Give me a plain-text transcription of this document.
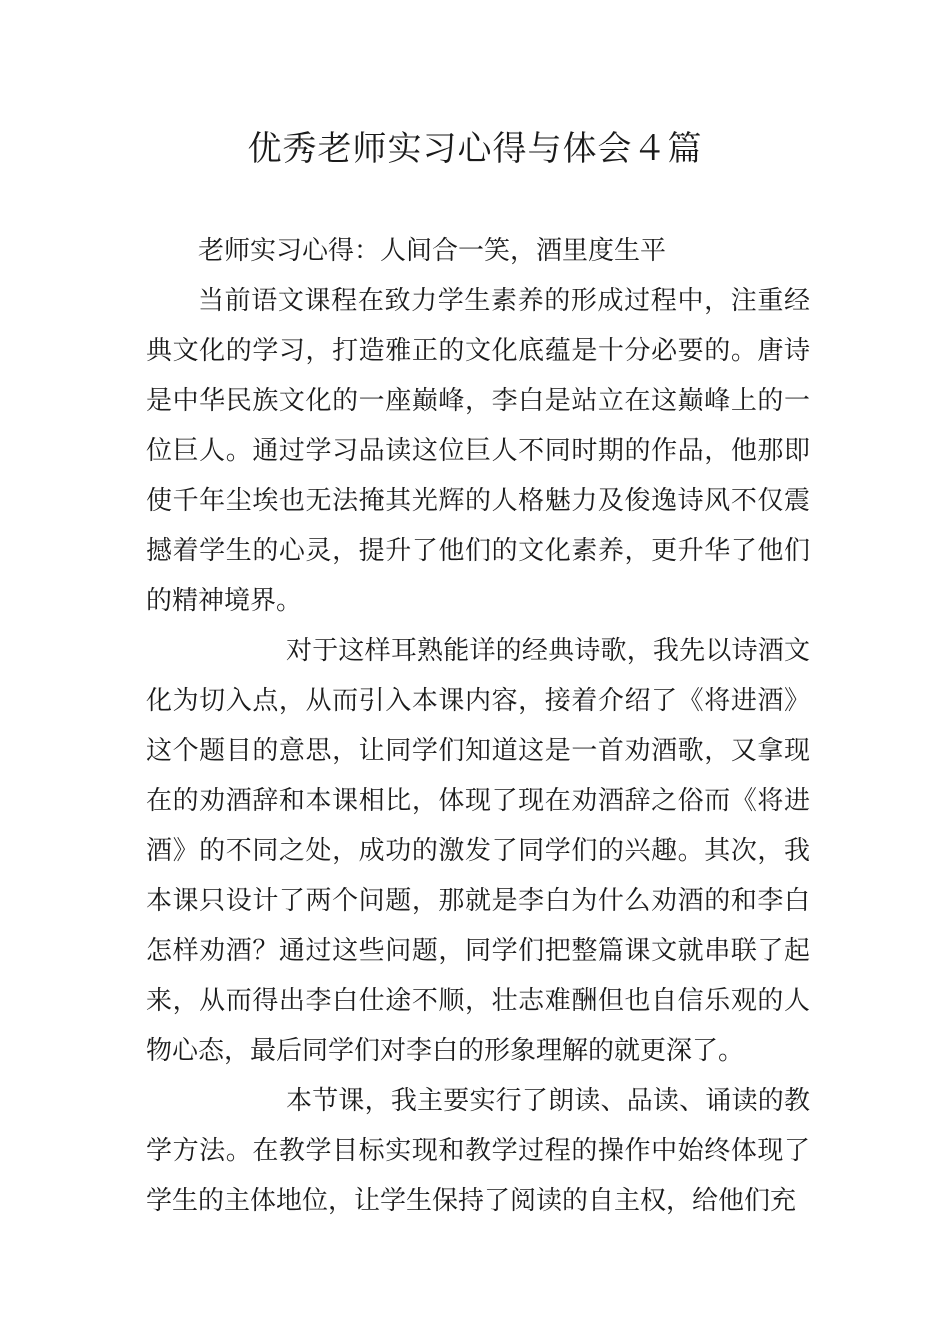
优秀老师实习心得与体会４篇

老师实习心得：人间合一笑，酒里度生平

当前语文课程在致力学生素养的形成过程中，注重经典文化的学习，打造雅正的文化底蕴是十分必要的。唐诗是中华民族文化的一座巅峰，李白是站立在这巅峰上的一位巨人。通过学习品读这位巨人不同时期的作品，他那即使千年尘埃也无法掩其光辉的人格魅力及俊逸诗风不仅震撼着学生的心灵，提升了他们的文化素养，更升华了他们的精神境界。

对于这样耳熟能详的经典诗歌，我先以诗酒文化为切入点，从而引入本课内容，接着介绍了《将进酒》这个题目的意思，让同学们知道这是一首劝酒歌，又拿现在的劝酒辞和本课相比，体现了现在劝酒辞之俗而《将进酒》的不同之处，成功的激发了同学们的兴趣。其次，我本课只设计了两个问题，那就是李白为什么劝酒的和李白怎样劝酒？通过这些问题，同学们把整篇课文就串联了起来，从而得出李白仕途不顺，壮志难酬但也自信乐观的人物心态，最后同学们对李白的形象理解的就更深了。

本节课，我主要实行了朗读、品读、诵读的教学方法。在教学目标实现和教学过程的操作中始终体现了学生的主体地位，让学生保持了阅读的自主权，给他们充
